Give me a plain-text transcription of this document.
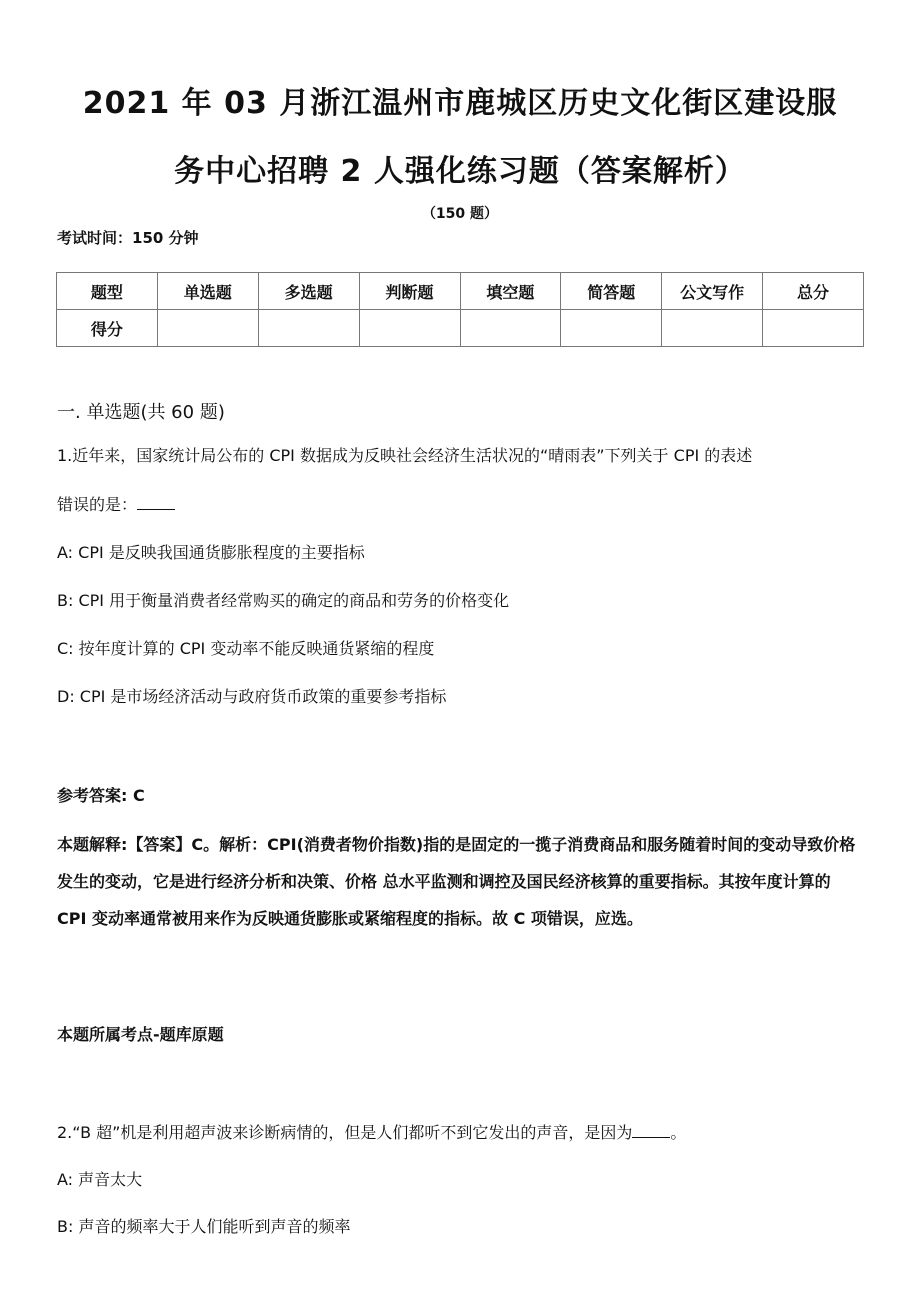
2021 年 03 月浙江温州市鹿城区历史文化街区建设服
务中心招聘 2 人强化练习题（答案解析）
（150 题）
考试时间：150 分钟
题型	单选题	多选题	判断题	填空题	简答题	公文写作	总分
得分							
一. 单选题(共 60 题)
1.近年来，国家统计局公布的 CPI 数据成为反映社会经济生活状况的“晴雨表”下列关于 CPI 的表述
错误的是：
A: CPI 是反映我国通货膨胀程度的主要指标
B: CPI 用于衡量消费者经常购买的确定的商品和劳务的价格变化
C: 按年度计算的 CPI 变动率不能反映通货紧缩的程度
D: CPI 是市场经济活动与政府货币政策的重要参考指标
参考答案: C
本题解释:【答案】C。解析：CPI(消费者物价指数)指的是固定的一揽子消费商品和服务随着时间的变动导致价格发生的变动，它是进行经济分析和决策、价格 总水平监测和调控及国民经济核算的重要指标。其按年度计算的 CPI 变动率通常被用来作为反映通货膨胀或紧缩程度的指标。故 C 项错误，应选。
本题所属考点-题库原题
2.“B 超”机是利用超声波来诊断病情的，但是人们都听不到它发出的声音，是因为 。
A: 声音太大
B: 声音的频率大于人们能听到声音的频率
